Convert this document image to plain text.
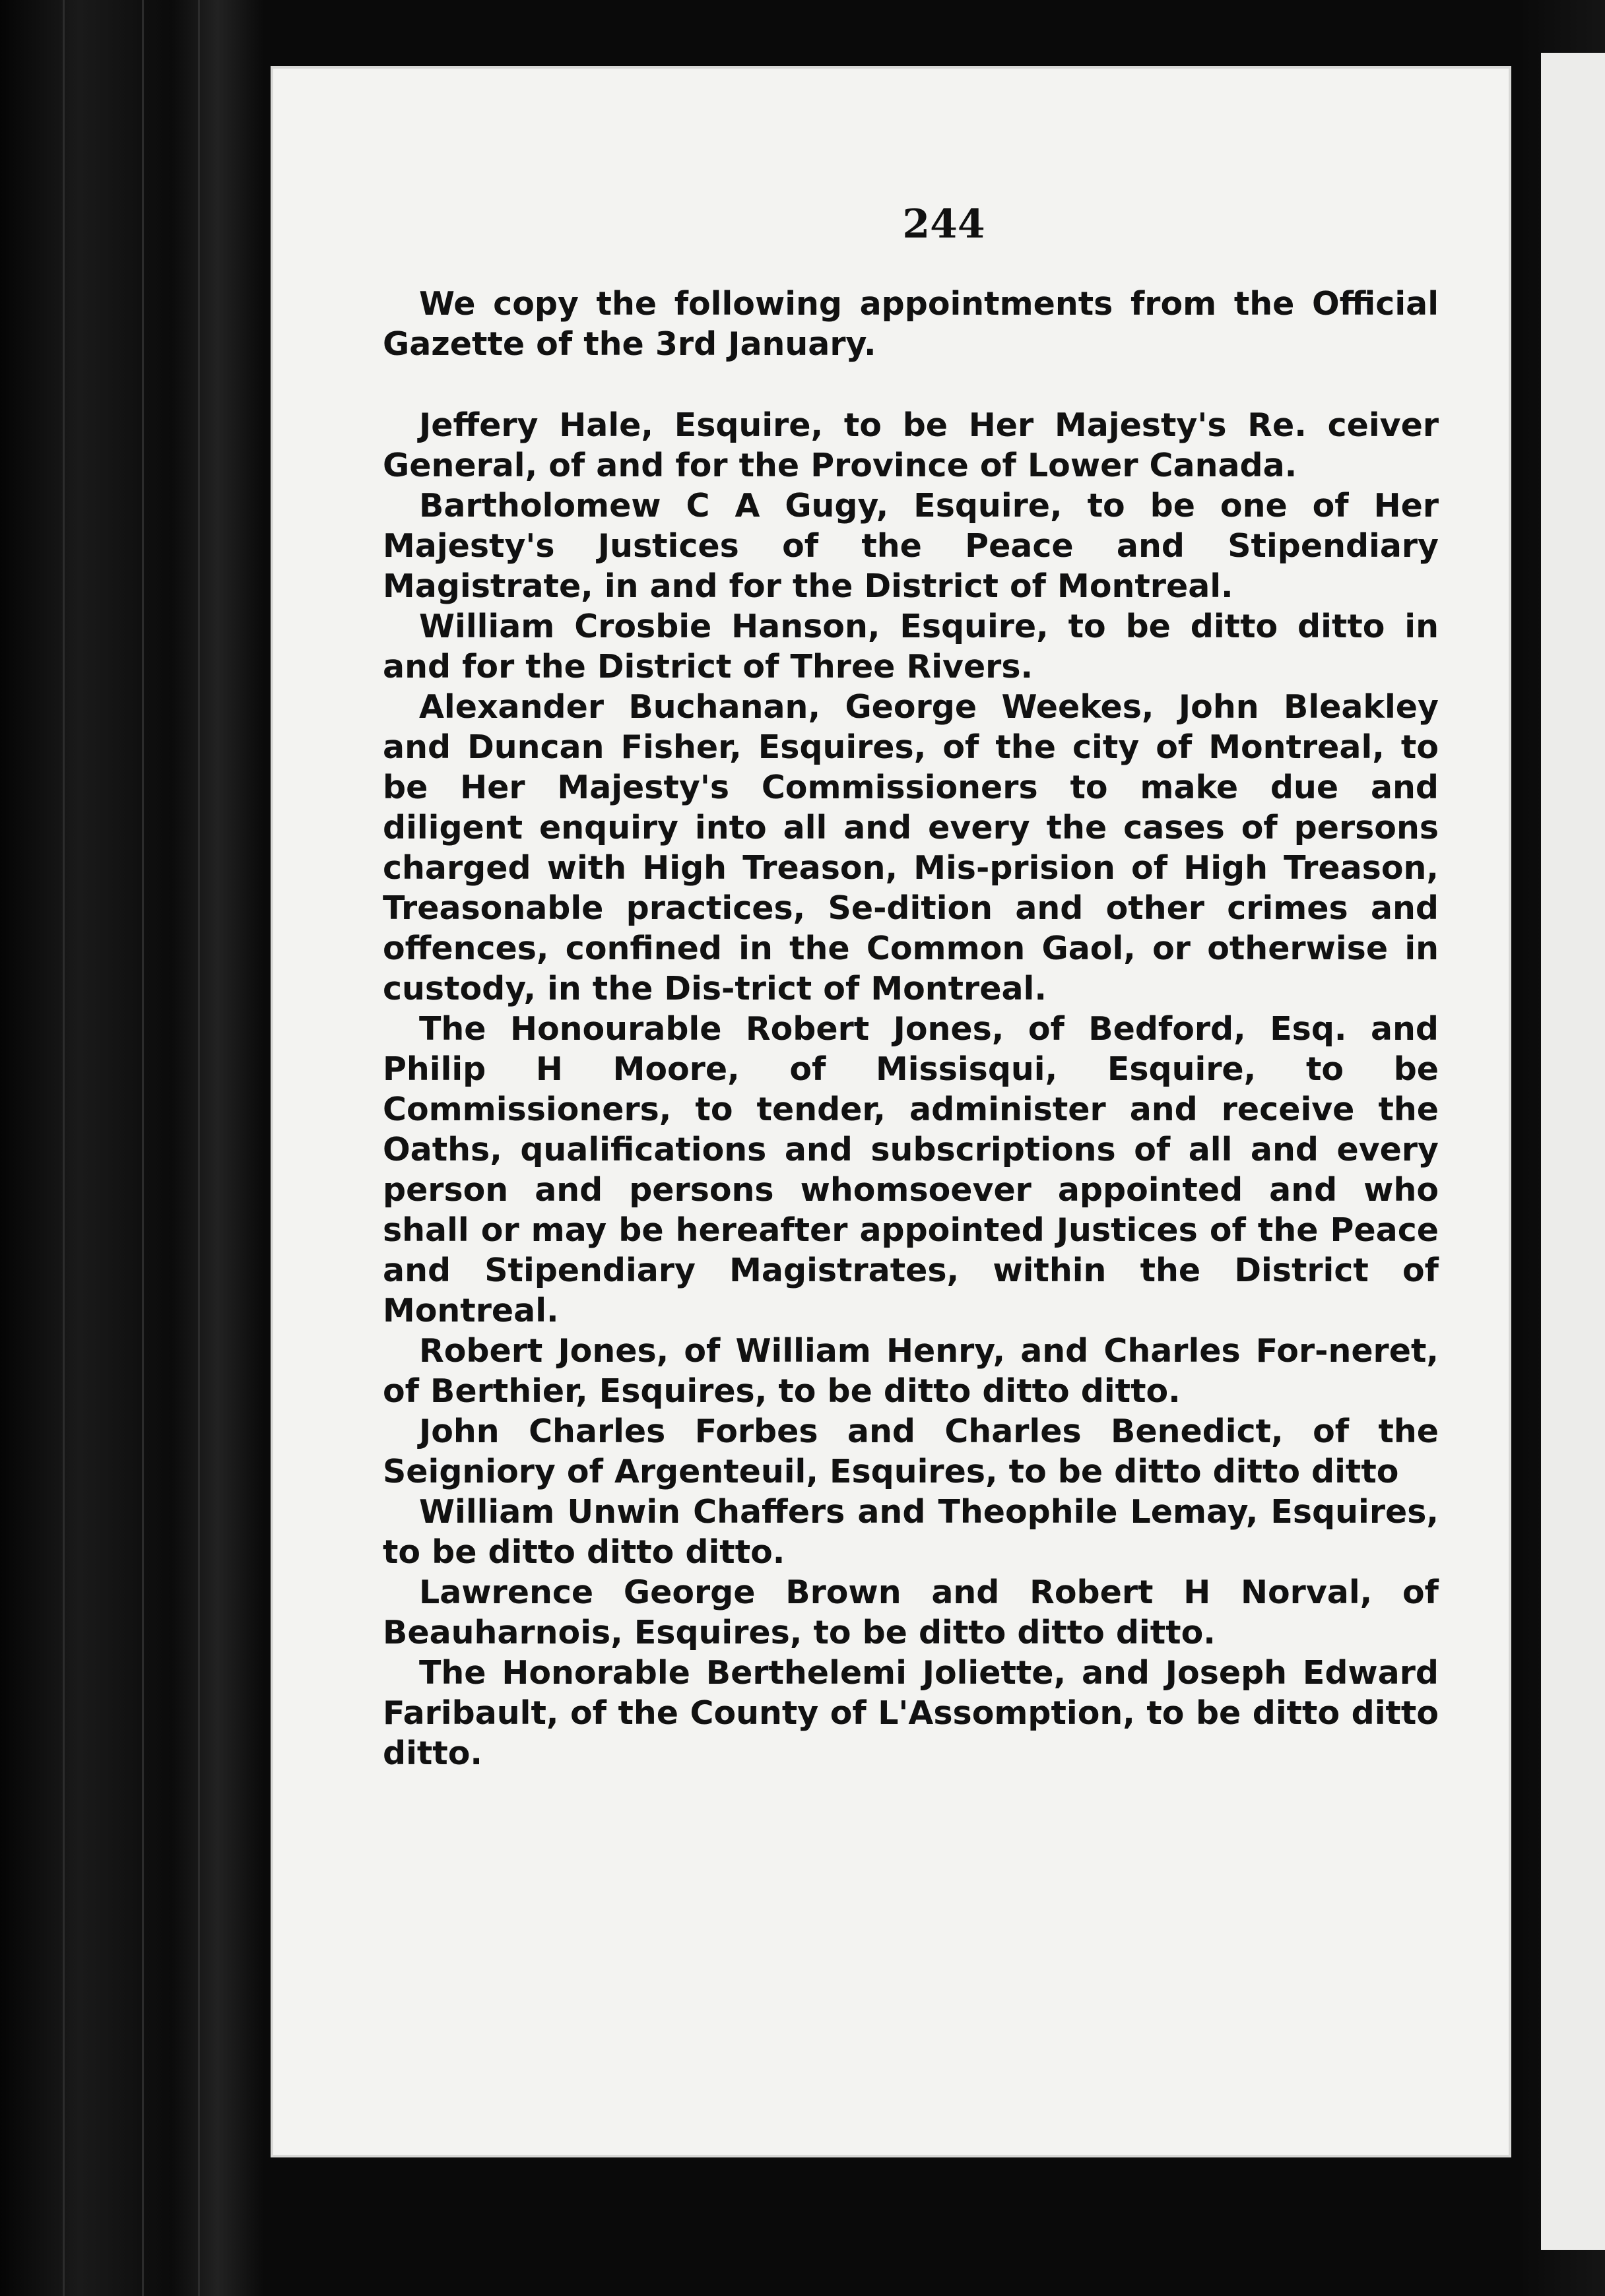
244

We copy the following appointments from the Official Gazette of the 3rd January.

Jeffery Hale, Esquire, to be Her Majesty's Re. ceiver General, of and for the Province of Lower Canada.

Bartholomew C A Gugy, Esquire, to be one of Her Majesty's Justices of the Peace and Stipendiary Magistrate, in and for the District of Montreal.

William Crosbie Hanson, Esquire, to be ditto ditto in and for the District of Three Rivers.

Alexander Buchanan, George Weekes, John Bleakley and Duncan Fisher, Esquires, of the city of Montreal, to be Her Majesty's Commissioners to make due and diligent enquiry into all and every the cases of persons charged with High Treason, Mis-prision of High Treason, Treasonable practices, Se-dition and other crimes and offences, confined in the Common Gaol, or otherwise in custody, in the Dis-trict of Montreal.

The Honourable Robert Jones, of Bedford, Esq. and Philip H Moore, of Missisqui, Esquire, to be Commissioners, to tender, administer and receive the Oaths, qualifications and subscriptions of all and every person and persons whomsoever appointed and who shall or may be hereafter appointed Justices of the Peace and Stipendiary Magistrates, within the District of Montreal.

Robert Jones, of William Henry, and Charles For-neret, of Berthier, Esquires, to be ditto ditto ditto.

John Charles Forbes and Charles Benedict, of the Seigniory of Argenteuil, Esquires, to be ditto ditto ditto

William Unwin Chaffers and Theophile Lemay, Esquires, to be ditto ditto ditto.

Lawrence George Brown and Robert H Norval, of Beauharnois, Esquires, to be ditto ditto ditto.

The Honorable Berthelemi Joliette, and Joseph Edward Faribault, of the County of L'Assomption, to be ditto ditto ditto.
